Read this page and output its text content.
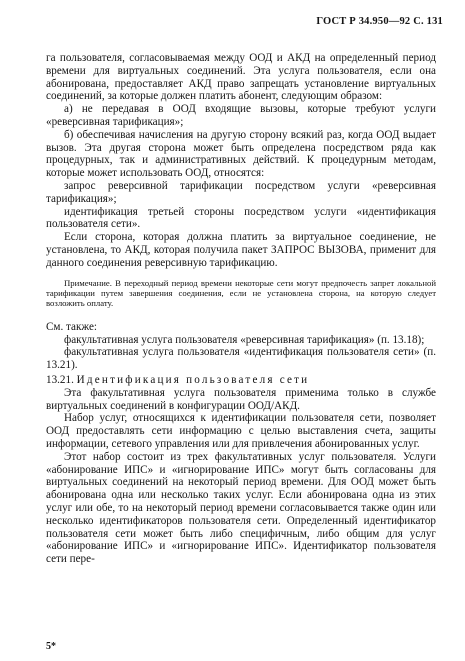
ГОСТ Р 34.950—92 С. 131

га пользователя, согласовываемая между ООД и АКД на определенный период времени для виртуальных соединений. Эта услуга пользователя, если она абонирована, предоставляет АКД право запрещать установление виртуальных соединений, за которые должен платить абонент, следующим образом:

а) не передавая в ООД входящие вызовы, которые требуют услуги «реверсивная тарификация»;

б) обеспечивая начисления на другую сторону всякий раз, когда ООД выдает вызов. Эта другая сторона может быть определена посредством ряда как процедурных, так и административных действий. К процедурным методам, которые может использовать ООД, относятся:

запрос реверсивной тарификации посредством услуги «реверсивная тарификация»;

идентификация третьей стороны посредством услуги «идентификация пользователя сети».

Если сторона, которая должна платить за виртуальное соединение, не установлена, то АКД, которая получила пакет ЗАПРОС ВЫЗОВА, применит для данного соединения реверсивную тарификацию.

Примечание. В переходный период времени некоторые сети могут предпочесть запрет локальной тарификации путем завершения соединения, если не установлена сторона, на которую следует возложить оплату.

См. также:

факультативная услуга пользователя «реверсивная тарификация» (п. 13.18);

факультативная услуга пользователя «идентификация пользователя сети» (п. 13.21).

13.21. Идентификация пользователя сети

Эта факультативная услуга пользователя применима только в службе виртуальных соединений в конфигурации ООД/АКД.

Набор услуг, относящихся к идентификации пользователя сети, позволяет ООД предоставлять сети информацию с целью выставления счета, защиты информации, сетевого управления или для привлечения абонированных услуг.

Этот набор состоит из трех факультативных услуг пользователя. Услуги «абонирование ИПС» и «игнорирование ИПС» могут быть согласованы для виртуальных соединений на некоторый период времени. Для ООД может быть абонирована одна или несколько таких услуг. Если абонирована одна из этих услуг или обе, то на некоторый период времени согласовывается также один или несколько идентификаторов пользователя сети. Определенный идентификатор пользователя сети может быть либо специфичным, либо общим для услуг «абонирование ИПС» и «игнорирование ИПС». Идентификатор пользователя сети пере-

5*
